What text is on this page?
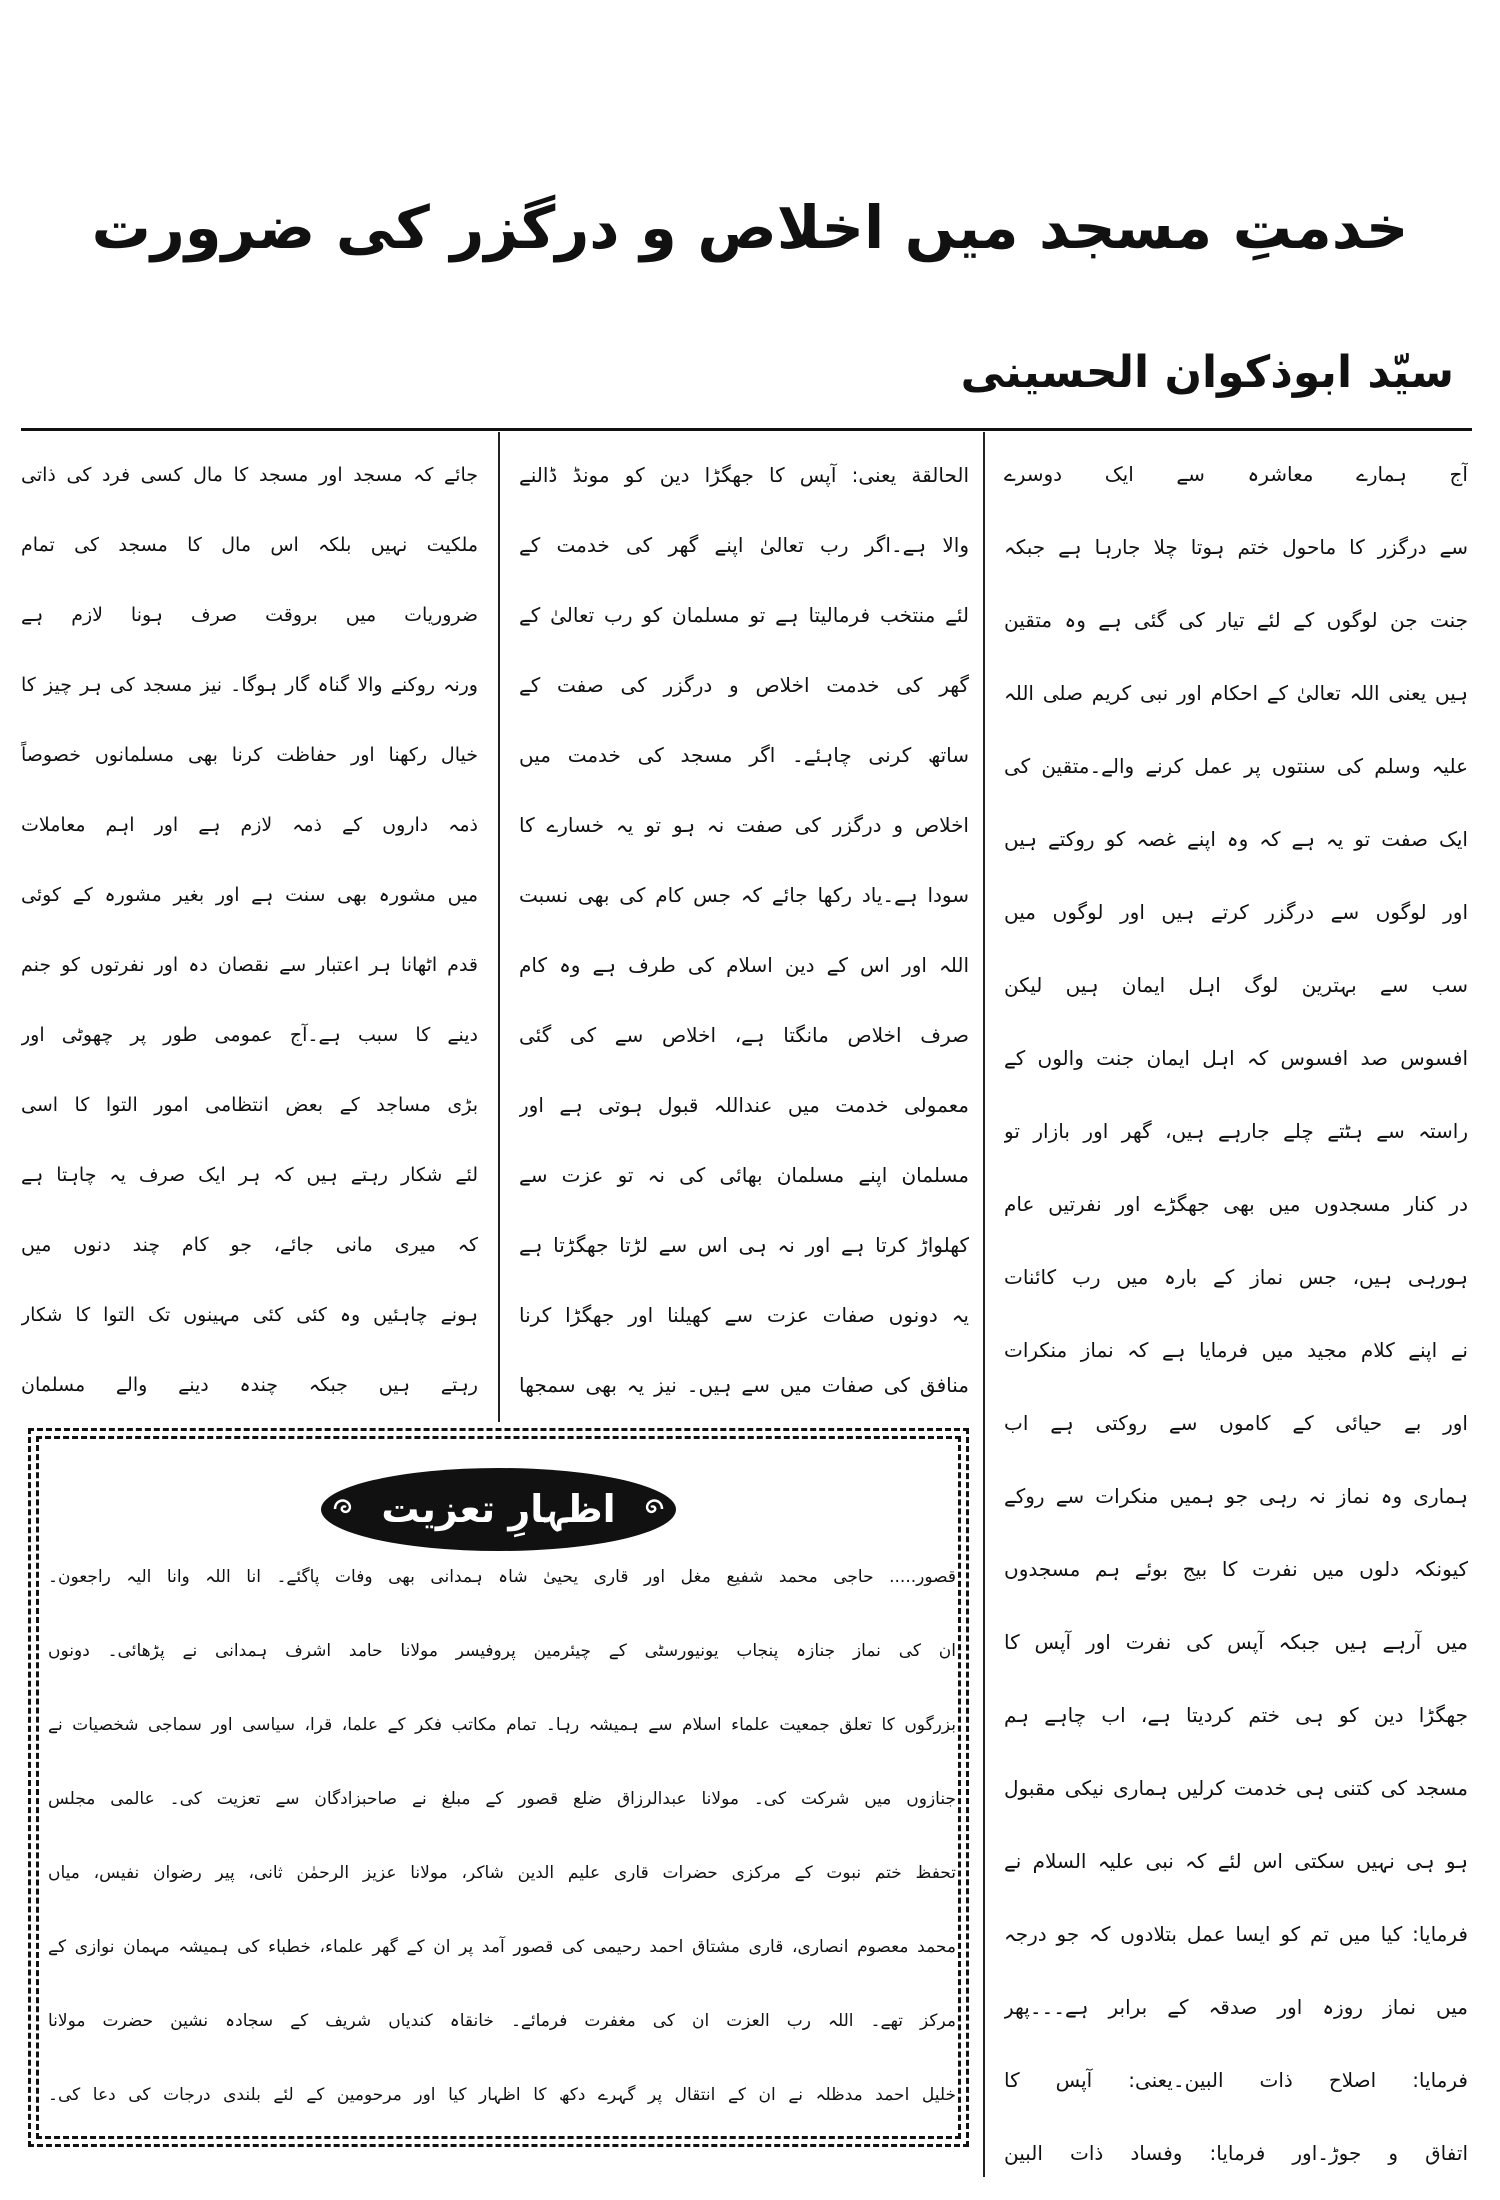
خدمتِ مسجد میں اخلاص و درگزر کی ضرورت
سیّد ابوذکوان الحسینی
آج ہمارے معاشرہ سے ایک دوسرے
سے درگزر کا ماحول ختم ہوتا چلا جارہا ہے جبکہ
جنت جن لوگوں کے لئے تیار کی گئی ہے وہ متقین
ہیں یعنی اللہ تعالیٰ کے احکام اور نبی کریم صلی اللہ
علیہ وسلم کی سنتوں پر عمل کرنے والے۔متقین کی
ایک صفت تو یہ ہے کہ وہ اپنے غصہ کو روکتے ہیں
اور لوگوں سے درگزر کرتے ہیں اور لوگوں میں
سب سے بہترین لوگ اہل ایمان ہیں لیکن
افسوس صد افسوس کہ اہل ایمان جنت والوں کے
راستہ سے ہٹتے چلے جارہے ہیں، گھر اور بازار تو
در کنار مسجدوں میں بھی جھگڑے اور نفرتیں عام
ہورہی ہیں، جس نماز کے بارہ میں رب کائنات
نے اپنے کلام مجید میں فرمایا ہے کہ نماز منکرات
اور بے حیائی کے کاموں سے روکتی ہے اب
ہماری وہ نماز نہ رہی جو ہمیں منکرات سے روکے
کیونکہ دلوں میں نفرت کا بیج بوئے ہم مسجدوں
میں آرہے ہیں جبکہ آپس کی نفرت اور آپس کا
جھگڑا دین کو ہی ختم کردیتا ہے، اب چاہے ہم
مسجد کی کتنی ہی خدمت کرلیں ہماری نیکی مقبول
ہو ہی نہیں سکتی اس لئے کہ نبی علیہ السلام نے
فرمایا: کیا میں تم کو ایسا عمل بتلادوں کہ جو درجہ
میں نماز روزہ اور صدقہ کے برابر ہے۔۔۔پھر
فرمایا: اصلاح ذات البین۔یعنی: آپس کا
اتفاق و جوڑ۔اور فرمایا: وفساد ذات البین
الحالقة یعنی: آپس کا جھگڑا دین کو مونڈ ڈالنے
والا ہے۔اگر رب تعالیٰ اپنے گھر کی خدمت کے
لئے منتخب فرمالیتا ہے تو مسلمان کو رب تعالیٰ کے
گھر کی خدمت اخلاص و درگزر کی صفت کے
ساتھ کرنی چاہئے۔ اگر مسجد کی خدمت میں
اخلاص و درگزر کی صفت نہ ہو تو یہ خسارے کا
سودا ہے۔یاد رکھا جائے کہ جس کام کی بھی نسبت
اللہ اور اس کے دین اسلام کی طرف ہے وہ کام
صرف اخلاص مانگتا ہے، اخلاص سے کی گئی
معمولی خدمت میں عنداللہ قبول ہوتی ہے اور
مسلمان اپنے مسلمان بھائی کی نہ تو عزت سے
کھلواڑ کرتا ہے اور نہ ہی اس سے لڑتا جھگڑتا ہے
یہ دونوں صفات عزت سے کھیلنا اور جھگڑا کرنا
منافق کی صفات میں سے ہیں۔ نیز یہ بھی سمجھا
جائے کہ مسجد اور مسجد کا مال کسی فرد کی ذاتی
ملکیت نہیں بلکہ اس مال کا مسجد کی تمام
ضروریات میں بروقت صرف ہونا لازم ہے
ورنہ روکنے والا گناہ گار ہوگا۔ نیز مسجد کی ہر چیز کا
خیال رکھنا اور حفاظت کرنا بھی مسلمانوں خصوصاً
ذمہ داروں کے ذمہ لازم ہے اور اہم معاملات
میں مشورہ بھی سنت ہے اور بغیر مشورہ کے کوئی
قدم اٹھانا ہر اعتبار سے نقصان دہ اور نفرتوں کو جنم
دینے کا سبب ہے۔آج عمومی طور پر چھوٹی اور
بڑی مساجد کے بعض انتظامی امور التوا کا اسی
لئے شکار رہتے ہیں کہ ہر ایک صرف یہ چاہتا ہے
کہ میری مانی جائے، جو کام چند دنوں میں
ہونے چاہئیں وہ کئی کئی مہینوں تک التوا کا شکار
رہتے ہیں جبکہ چندہ دینے والے مسلمان
اظہارِ تعزیت
قصور..... حاجی محمد شفیع مغل اور قاری یحییٰ شاہ ہمدانی بھی وفات پاگئے۔ انا اللہ وانا الیہ راجعون۔
ان کی نماز جنازہ پنجاب یونیورسٹی کے چیئرمین پروفیسر مولانا حامد اشرف ہمدانی نے پڑھائی۔ دونوں
بزرگوں کا تعلق جمعیت علماء اسلام سے ہمیشہ رہا۔ تمام مکاتب فکر کے علما، قرا، سیاسی اور سماجی شخصیات نے
جنازوں میں شرکت کی۔ مولانا عبدالرزاق ضلع قصور کے مبلغ نے صاحبزادگان سے تعزیت کی۔ عالمی مجلس
تحفظ ختم نبوت کے مرکزی حضرات قاری علیم الدین شاکر، مولانا عزیز الرحمٰن ثانی، پیر رضوان نفیس، میاں
محمد معصوم انصاری، قاری مشتاق احمد رحیمی کی قصور آمد پر ان کے گھر علماء، خطباء کی ہمیشہ مہمان نوازی کے
مرکز تھے۔ اللہ رب العزت ان کی مغفرت فرمائے۔ خانقاہ کندیاں شریف کے سجادہ نشین حضرت مولانا
خلیل احمد مدظلہ نے ان کے انتقال پر گہرے دکھ کا اظہار کیا اور مرحومین کے لئے بلندی درجات کی دعا کی۔
